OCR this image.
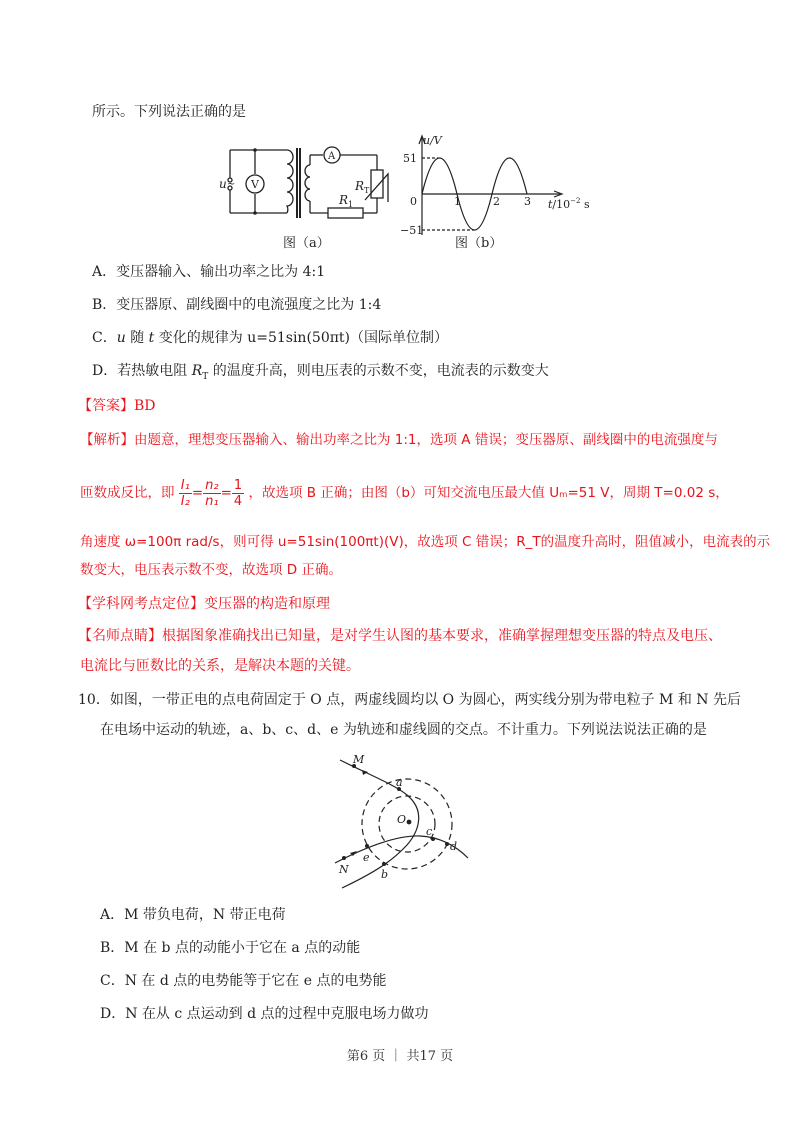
所示。下列说法正确的是
u ~ V
A
$R_T$
$R_1$
图（a）
u/V
51
0
−51
1	2 3 $t/10^{-2}$ s
图（b）
A．变压器输入、输出功率之比为 4:1
B．变压器原、副线圈中的电流强度之比为 1:4
C．u 随 t 变化的规律为 u=51sin(50πt)（国际单位制）
D．若热敏电阻 $R_T$ 的温度升高，则电压表的示数不变，电流表的示数变大
【答案】BD
【解析】由题意，理想变压器输入、输出功率之比为 1:1，选项 A 错误；变压器原、副线圈中的电流强度与
匝数成反比，即 $\frac{\text{I₁}}{\text{I₂}} = \frac{\text{n₂}}{\text{n₁}} = \frac{1}{4}$ ，故选项 B 正确；由图（b）可知交流电压最大值 Uₘ=51 V，周期 T=0.02 s，
角速度 ω=100π rad/s，则可得 u=51sin(100πt)(V)，故选项 C 错误；R_T的温度升高时，阻值减小，电流表的示
数变大，电压表示数不变，故选项 D 正确。
【学科网考点定位】变压器的构造和原理
【名师点睛】根据图象准确找出已知量，是对学生认图的基本要求，准确掌握理想变压器的特点及电压、
电流比与匝数比的关系，是解决本题的关键。
10．如图，一带正电的点电荷固定于 O 点，两虚线圆均以 O 为圆心，两实线分别为带电粒子 M 和 N 先后
在电场中运动的轨迹，a、b、c、d、e 为轨迹和虚线圆的交点。不计重力。下列说法说法正确的是
M
a
O
c
d
e
N	b
A．M 带负电荷，N 带正电荷
B．M 在 b 点的动能小于它在 a 点的动能
C．N 在 d 点的电势能等于它在 e 点的电势能
D．N 在从 c 点运动到 d 点的过程中克服电场力做功
第6 页 ｜ 共17 页
